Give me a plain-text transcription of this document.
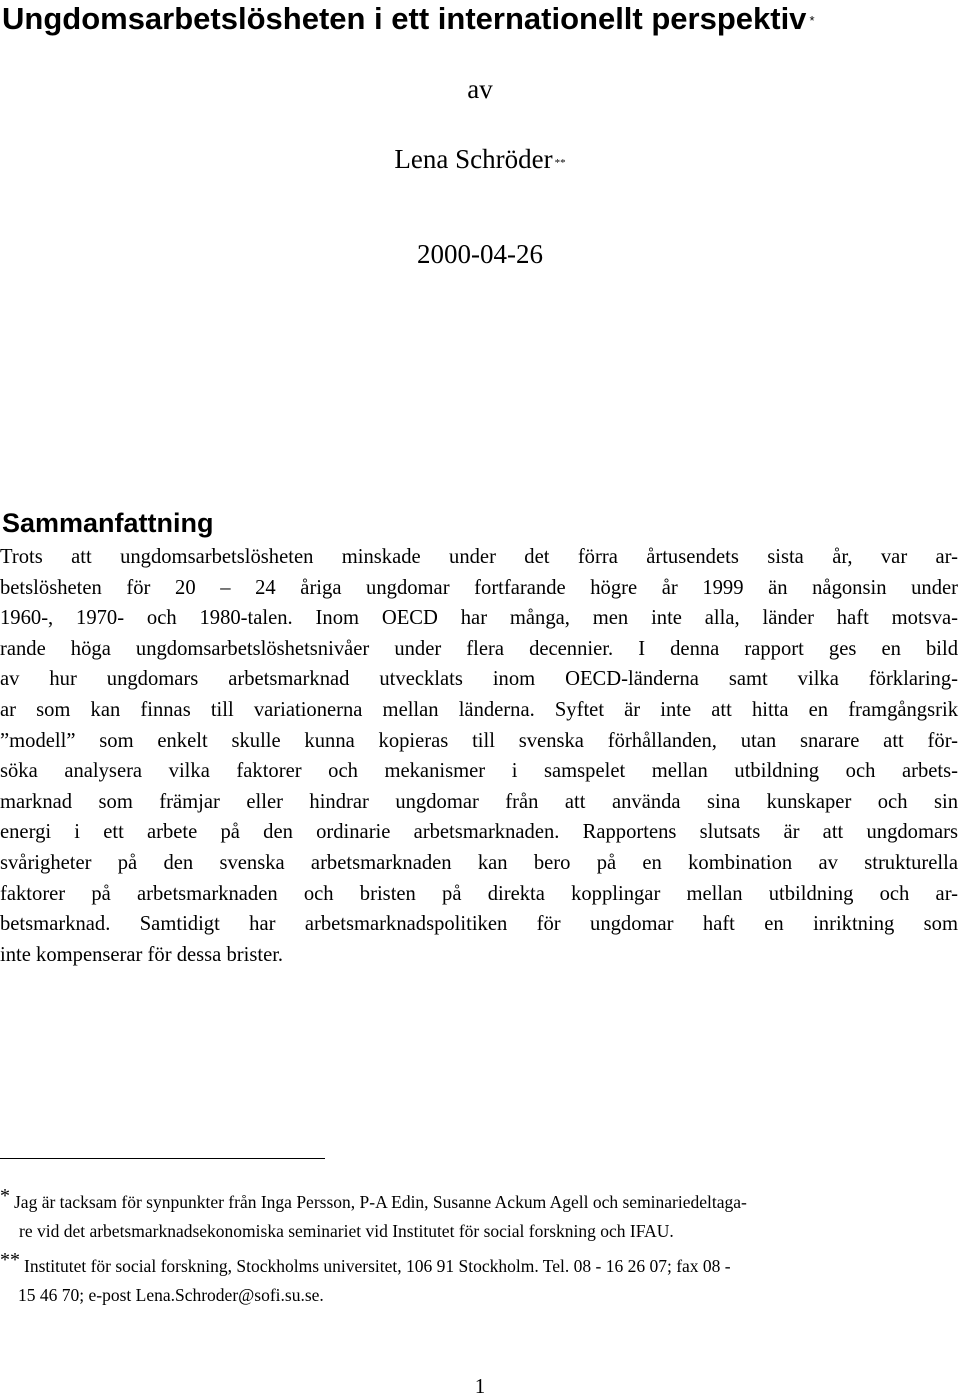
Ungdomsarbetslösheten i ett internationellt perspektiv *
av
Lena Schröder **
2000-04-26
Sammanfattning
Trots att ungdomsarbetslösheten minskade under det förra årtusendets sista år, var ar-
betslösheten för 20 – 24 åriga ungdomar fortfarande högre år 1999 än någonsin under
1960-, 1970- och 1980-talen. Inom OECD har många, men inte alla, länder haft motsva-
rande höga ungdomsarbetslöshetsnivåer under flera decennier. I denna rapport ges en bild
av hur ungdomars arbetsmarknad utvecklats inom OECD-länderna samt vilka förklaring-
ar som kan finnas till variationerna mellan länderna. Syftet är inte att hitta en framgångsrik
”modell” som enkelt skulle kunna kopieras till svenska förhållanden, utan snarare att för-
söka analysera vilka faktorer och mekanismer i samspelet mellan utbildning och arbets-
marknad som främjar eller hindrar ungdomar från att använda sina kunskaper och sin
energi i ett arbete på den ordinarie arbetsmarknaden. Rapportens slutsats är att ungdomars
svårigheter på den svenska arbetsmarknaden kan bero på en kombination av strukturella
faktorer på arbetsmarknaden och bristen på direkta kopplingar mellan utbildning och ar-
betsmarknad. Samtidigt har arbetsmarknadspolitiken för ungdomar haft en inriktning som
inte kompenserar för dessa brister.
* Jag är tacksam för synpunkter från Inga Persson, P-A Edin, Susanne Ackum Agell och seminariedeltaga-
re vid det arbetsmarknadsekonomiska seminariet vid Institutet för social forskning och IFAU.
** Institutet för social forskning, Stockholms universitet, 106 91 Stockholm. Tel. 08 - 16 26 07; fax 08 -
15 46 70; e-post Lena.Schroder@sofi.su.se.
1
